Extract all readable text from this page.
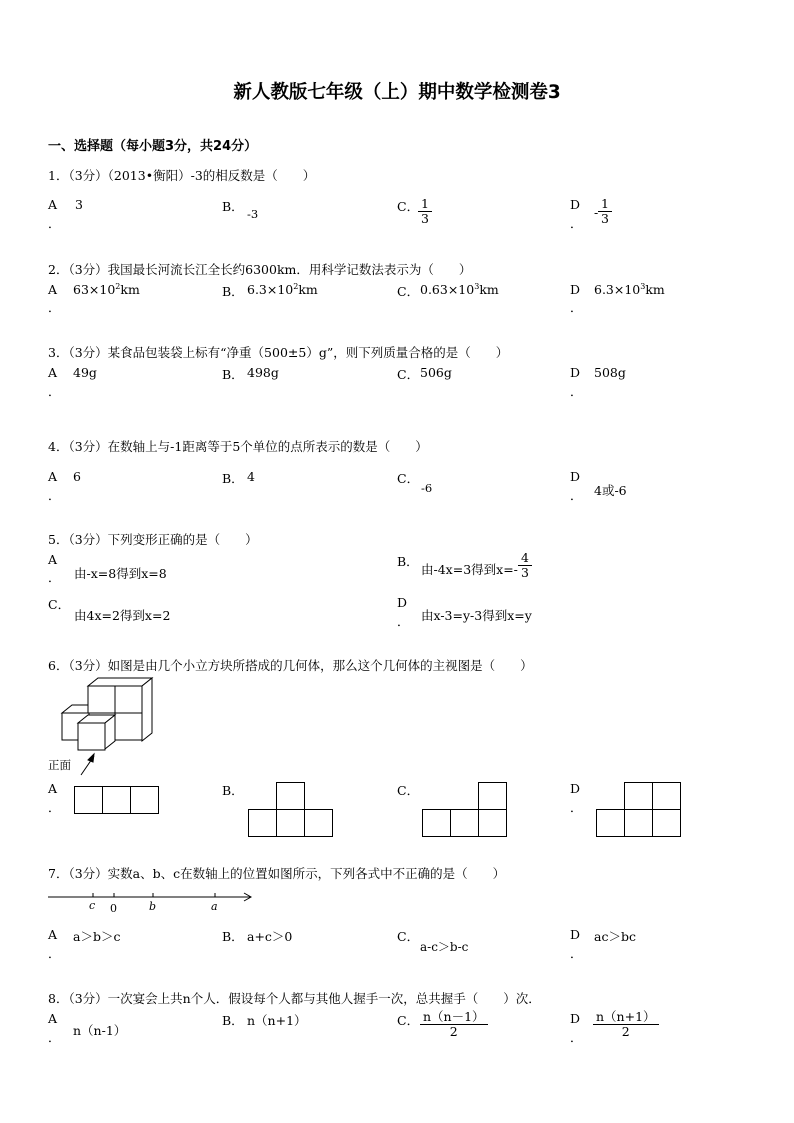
新人教版七年级（上）期中数学检测卷3
一、选择题（每小题3分，共24分）
1．（3分）（2013•衡阳）-3的相反数是（　　）
A
．
3	B． -3	C．
$\frac{1}{3}$	D
．
- $\frac{1}{3}$
2．（3分）我国最长河流长江全长约6300km．用科学记数法表示为（　　）
A
．
$63\times 10^2km$	B． $6.3\times 10^2km$	C． $0.63\times 10^3km$	D
．
$6.3\times 10^3km$
3．（3分）某食品包装袋上标有“净重（500±5）g”，则下列质量合格的是（　　）
A
．
49g	B． 498g	C． 506g	D
．
508g
4．（3分）在数轴上与-1距离等于5个单位的点所表示的数是（　　）
A
．
6	B． 4	C．
-6
D
． 4或-6
5．（3分）下列变形正确的是（　　）
A
． 由-x=8得到x=8
B．
由-4x=3得到$x=- \frac{4}{3}$
C．
由4x=2得到x=2
D
． 由x-3=y-3得到x=y
6．（3分）如图是由几个小立方块所搭成的几何体，那么这个几何体的主视图是（　　）
正面
A
．
B．	C．	D
．
7．（3分）实数a、b、c在数轴上的位置如图所示，下列各式中不正确的是（　　）
c 0	b	a
A
．
a＞b＞c	B． a+c＞0	C．
a-c＞b-c
D
．
ac＞bc
8．（3分）一次宴会上共n个人．假设每个人都与其他人握手一次，总共握手（　　）次．
A
． n（n-1）
B． n（n+1）	C． $\frac{n(n-1)}{2}$	D
． $\frac{n(n+1)}{2}$
